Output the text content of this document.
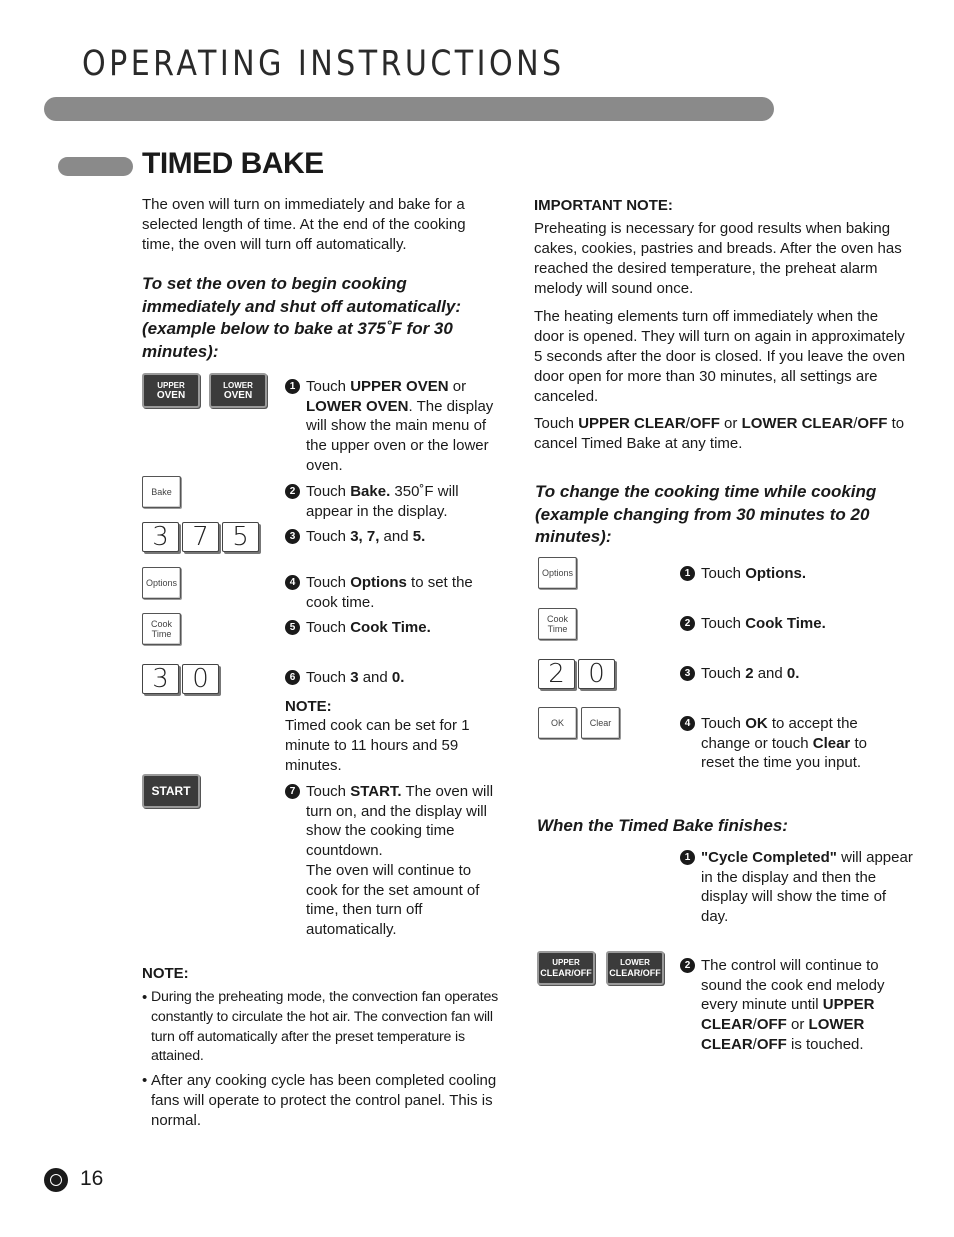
OPERATING INSTRUCTIONS
TIMED BAKE
The oven will turn on immediately and bake for a selected length of time. At the end of the cooking time, the oven will turn off automatically.
To set the oven to begin cooking immediately and shut off automatically: (example below to bake at 375˚F for 30 minutes):
UPPER
OVEN
LOWER
OVEN
Bake
3 7 5
Options
Cook
Time
3 0
START
1 Touch UPPER OVEN or LOWER OVEN. The display will show the main menu of the upper oven or the lower oven.
2 Touch Bake. 350˚F will appear in the display.
3 Touch 3, 7, and 5.
4 Touch Options to set the cook time.
5 Touch Cook Time.
6 Touch 3 and 0.
NOTE:
Timed cook can be set for 1 minute to 11 hours and 59 minutes.
7 Touch START. The oven will turn on, and the display will show the cooking time countdown.
The oven will continue to cook for the set amount of time, then turn off automatically.
NOTE:
• During the preheating mode, the convection fan operates constantly to circulate the hot air. The convection fan will turn off automatically after the preset temperature is attained.
• After any cooking cycle has been completed cooling fans will operate to protect the control panel. This is normal.
IMPORTANT NOTE:
Preheating is necessary for good results when baking cakes, cookies, pastries and breads. After the oven has reached the desired temperature, the preheat alarm melody will sound once.
The heating elements turn off immediately when the door is opened. They will turn on again in approximately 5 seconds after the door is closed. If you leave the oven door open for more than 30 minutes, all settings are canceled.
Touch UPPER CLEAR/OFF or LOWER CLEAR/OFF to cancel Timed Bake at any time.
To change the cooking time while cooking (example changing from 30 minutes to 20 minutes):
Options
Cook
Time
2 0
OK	Clear
UPPER
CLEAR/OFF
LOWER
CLEAR/OFF
1 Touch Options.
2 Touch Cook Time.
3 Touch 2 and 0.
4 Touch OK to accept the change or touch Clear to reset the time you input.
When the Timed Bake finishes:
1 "Cycle Completed" will appear in the display and then the display will show the time of day.
2 The control will continue to sound the cook end melody every minute until UPPER CLEAR/OFF or LOWER CLEAR/OFF is touched.
16
